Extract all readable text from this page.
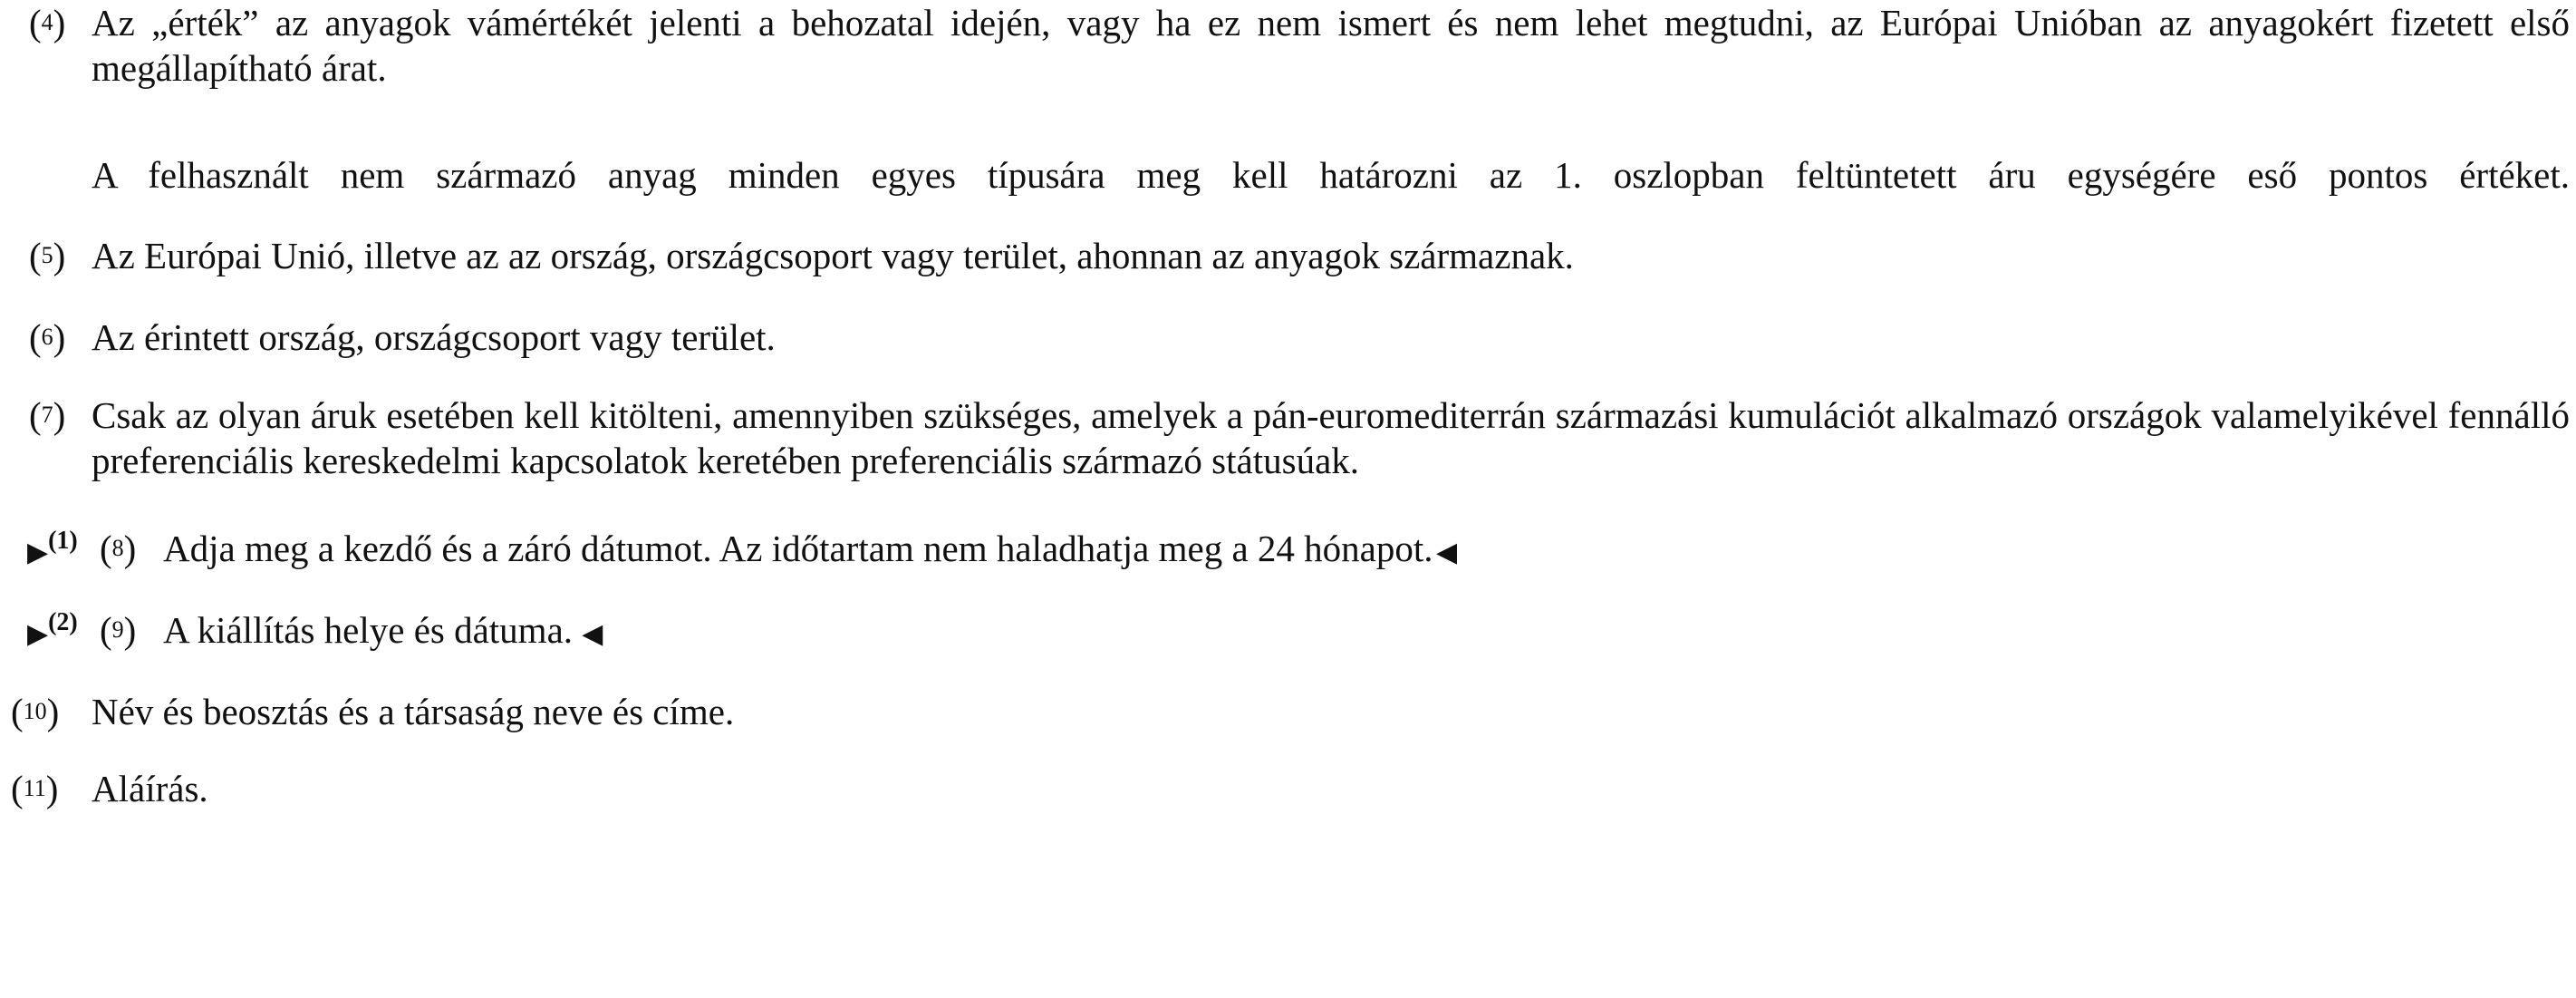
($^4$) Az „érték” az anyagok vámértékét jelenti a behozatal idején, vagy ha ez nem ismert és nem lehet megtudni, az Európai Unióban az anyagokért fizetett első megállapítható árat.
A felhasznált nem származó anyag minden egyes típusára meg kell határozni az 1. oszlopban feltüntetett áru egységére eső pontos értéket.
($^5$) Az Európai Unió, illetve az az ország, országcsoport vagy terület, ahonnan az anyagok származnak.
($^6$) Az érintett ország, országcsoport vagy terület.
($^7$) Csak az olyan áruk esetében kell kitölteni, amennyiben szükséges, amelyek a pán-euromediterrán származási kumulációt alkalmazó országok valamelyikével fennálló preferenciális kereskedelmi kapcsolatok keretében preferenciális származó státusúak.
▶$^{(1)}$ ($^8$) Adja meg a kezdő és a záró dátumot. Az időtartam nem haladhatja meg a 24 hónapot.  ◀
▶$^{(2)}$ ($^9$) A kiállítás helye és dátuma. ◀
($^{10}$) Név és beosztás és a társaság neve és címe.
($^{11}$) Aláírás.
